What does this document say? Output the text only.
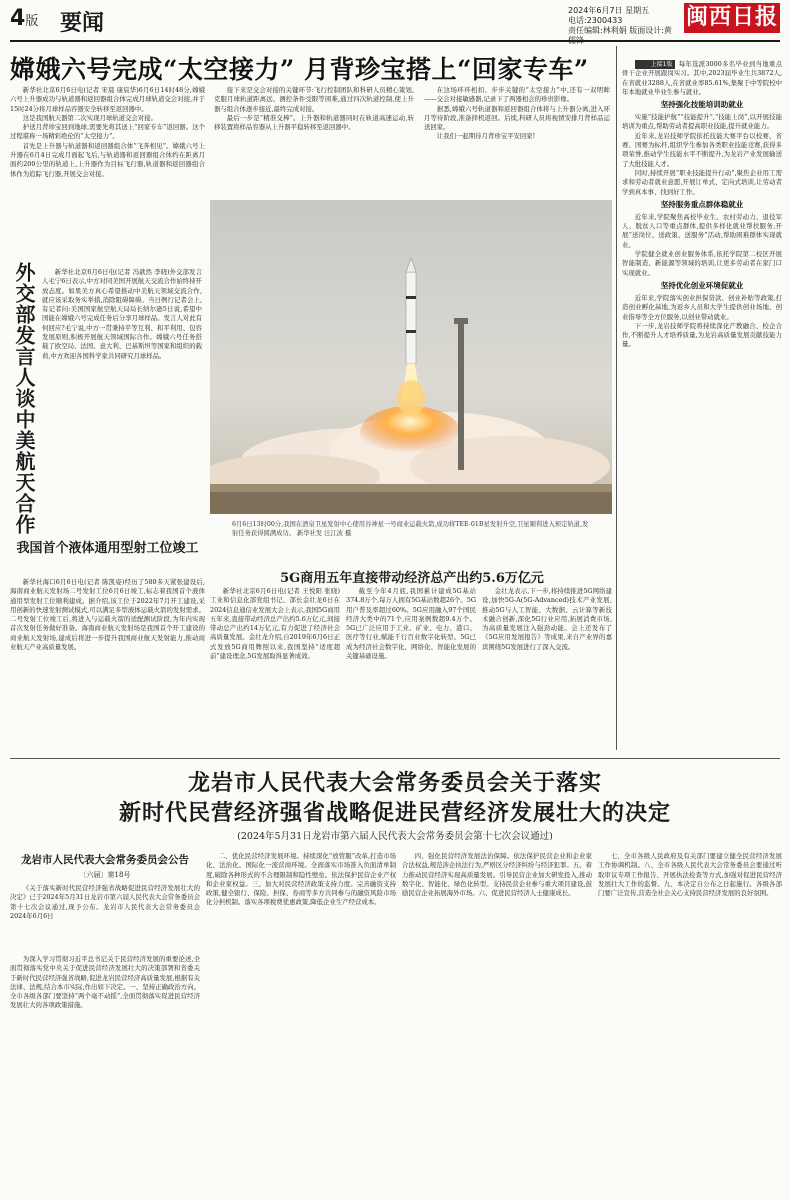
4版 要闻
2024年6月7日 星期五
电话:2300433
责任编辑:林利娟 版面设计:黄
闽西日报
嫦娥六号完成“太空接力” 月背珍宝搭上“回家专车”

新华社北京6月6日电(记者 宋晨 康宸华)6月6日14时48分,嫦娥六号上升器成功与轨道器和返回器组合体完成月球轨道交会对接,并于15时24分将月球样品容器安全转移至返回器中。

这是我国航天器第二次实现月球轨道交会对接。

护送月背珍宝回到地球,需要先将其送上“回家专车”返回器。这个过程堪称一场精彩绝伦的“太空接力”。

首先是上升器与轨道器和返回器组合体“飞奔相见”。嫦娥六号上升器在6月4日完成月面起飞后,与轨道器和返回器组合体约在距离月面约200公里的轨道上,上升器作为目标飞行器,轨道器和返回器组合体作为追踪飞行器,开展交会对接。

接下来是交会对接的关键环节:飞行控制团队和科研人员精心策划,克服月球轨道距离远、测控条件受限等困难,通过四次轨道控制,使上升器与组合体逐步接近,最终完成对接。

最后一步是“精准交棒”。上升器和轨道器同时在轨道高速运动,转移装置将样品容器从上升器平稳转移至返回器中。

在这场环环相扣、步步关键的“太空接力”中,还有一双明眸——交会对接敏感器,记录下了两器相会的珍贵影像。

据悉,嫦娥六号轨道器和返回器组合体将与上升器分离,进入环月等待阶段,准备择机返回。后续,科研人员将视情安排月背样品运送回家。

让我们一起期待月背珍宝平安回家!

6月6日13时00分,我国在酒泉卫星发射中心使用谷神星一号商业运载火箭,成功将TEE-01B星发射升空,卫星顺利进入预定轨道,发射任务获得圆满成功。 新华社发 汪江波 摄

上接1版 每年选派3000多名毕业到当地重点骨干企业开展跟岗实习。其中,2023届毕业生共3872人,在省就业3288人,在省就业率85.61%,集聚于中等院校中年本地就业毕业生参与就业。

坚持强化技能培训助就业

实施“技能护航”“技能提升”,“技能上岗”,以开展技能培训为重点,帮助劳动者提高职业技能,提升就业能力。

近年来,龙岩技师学院依托技能大赛平台以校赛、省赛、国赛为标杆,组织学生参加各类职业技能竞赛,获得多项荣誉,推动学生技能水平不断提升,为龙岩产业发展输送了大批技能人才。

同时,持续开展“职业技能提升行动”,聚焦企业用工需求和劳动者就业意愿,开展订单式、定向式培训,让劳动者学到真本事、找到好工作。

坚持服务重点群体稳就业

近年来,学院聚焦高校毕业生、农村劳动力、退役军人、脱贫人口等重点群体,提供多样化就业帮扶服务,开展“送岗位、送政策、送服务”活动,帮助困难群体实现就业。

学院健全就业创业服务体系,依托学院第二校区开展智能制造、新能源等领域的培训,让更多劳动者在家门口实现就业。

坚持优化创业环境促就业

近年来,学院落实创业担保贷款、创业补贴等政策,打造创业孵化基地,为返乡人员和大学生提供创业场地、创业指导等全方位服务,以创业带动就业。

下一步,龙岩技师学院将持续深化产教融合、校企合作,不断提升人才培养质量,为龙岩高质量发展贡献技能力量。

外交部发言人谈中美航天合作	新华社北京6月6日电(记者 冯歆然 李晓)外交部发言人毛宁6日表示,中方对同美国开展航天交流合作始终持开放态度。如果美方真心希望推动中美航天领域交流合作,就应该采取务实举措,消除阻碍障碍。当日例行记者会上,有记者问:美国国家航空航天局局长纳尔逊5日说,希望中国能在嫦娥六号完成任务后分享月球样品。发言人对此有何回应?毛宁说,中方一贯秉持平等互利、和平利用、包容发展原则,积极开展航天领域国际合作。嫦娥六号任务搭载了欧空局、法国、意大利、巴基斯坦等国家和组织的载荷,中方欢迎各国科学家共同研究月球样品。

我国首个液体通用型射工位竣工

新华社海口6月6日电(记者 陈凯姿)经历了580多天紧张建设后,海南商业航天发射场二号发射工位6月6日竣工,标志着我国首个液体通用型发射工位顺利建成。据介绍,该工位于2022年7月开工建设,采用创新的快速发射测试模式,可以满足多型液体运载火箭的发射需求。二号发射工位竣工后,将进入与运载火箭的适配测试阶段,为年内实现首次发射任务做好准备。海南商业航天发射场是我国首个开工建设的商业航天发射场,建成后将进一步提升我国商业航天发射能力,推动商业航天产业高质量发展。

5G商用五年直接带动经济总产出约5.6万亿元

新华社北京6月6日电(记者 王悦阳 张晓)工业和信息化部党组书记、部长金壮龙6日在2024信息通信业发展大会上表示,我国5G商用五年来,直接带动经济总产出约5.6万亿元,间接带动总产出约14万亿元,有力促进了经济社会高质量发展。金壮龙介绍,自2019年6月6日正式发放5G商用牌照以来,我国坚持“适度超前”建设理念,5G发展取得显著成效。

截至今年4月底,我国累计建成5G基站374.8万个,每万人拥有5G基站数超26个。5G用户普及率超过60%。5G应用融入97个国民经济大类中的71个,应用案例数超9.4万个。5G已广泛应用于工业、矿业、电力、港口、医疗等行业,赋能千行百业数字化转型。5G已成为经济社会数字化、网络化、智能化发展的关键基础设施。

金壮龙表示,下一步,将持续推进5G网络建设,加快5G-A(5G-Advanced)技术产业发展,推动5G与人工智能、大数据、云计算等新技术融合创新,深化5G行业应用,拓展消费市场,为高质量发展注入强劲动能。会上还发布了《5G应用发展报告》等成果,来自产业界的嘉宾围绕5G发展进行了深入交流。

龙岩市人民代表大会常务委员会关于落实
新时代民营经济强省战略促进民营经济发展壮大的决定
(2024年5月31日龙岩市第六届人民代表大会常务委员会第十七次会议通过)
龙岩市人民代表大会常务委员会公告
〔六届〕第18号

《关于落实新时代民营经济强省战略促进民营经济发展壮大的决定》已于2024年5月31日龙岩市第六届人民代表大会常务委员会第十七次会议通过,现予公布。龙岩市人民代表大会常务委员会 2024年6月6日

为深入学习贯彻习近平总书记关于民营经济发展的重要论述,全面贯彻落实党中央关于促进民营经济发展壮大的决策部署和省委关于新时代民营经济强省战略,促进龙岩民营经济高质量发展,根据有关法律、法规,结合本市实际,作出如下决定。一、坚持正确政治方向。全市各级各部门要坚持“两个毫不动摇”,全面贯彻落实促进民营经济发展壮大的各项政策措施。

二、优化民营经济发展环境。持续深化“放管服”改革,打造市场化、法治化、国际化一流营商环境。全面落实市场准入负面清单制度,破除各种形式的不合理限制和隐性壁垒。依法保护民营企业产权和企业家权益。三、加大对民营经济政策支持力度。完善融资支持政策,健全银行、保险、担保、券商等多方共同参与的融资风险市场化分担机制。落实各项税费优惠政策,降低企业生产经营成本。

四、强化民营经济发展法治保障。依法保护民营企业和企业家合法权益,规范涉企执法行为,严格区分经济纠纷与经济犯罪。五、着力推动民营经济实现高质量发展。引导民营企业加大研发投入,推动数字化、智能化、绿色化转型。支持民营企业参与重大项目建设,鼓励民营企业拓展海外市场。六、促进民营经济人士健康成长。

七、全市各级人民政府及有关部门要建立健全民营经济发展工作协调机制。八、全市各级人民代表大会常务委员会要通过听取审议专项工作报告、开展执法检查等方式,加强对促进民营经济发展壮大工作的监督。九、本决定自公布之日起施行。各级各部门要广泛宣传,营造全社会关心支持民营经济发展的良好氛围。
